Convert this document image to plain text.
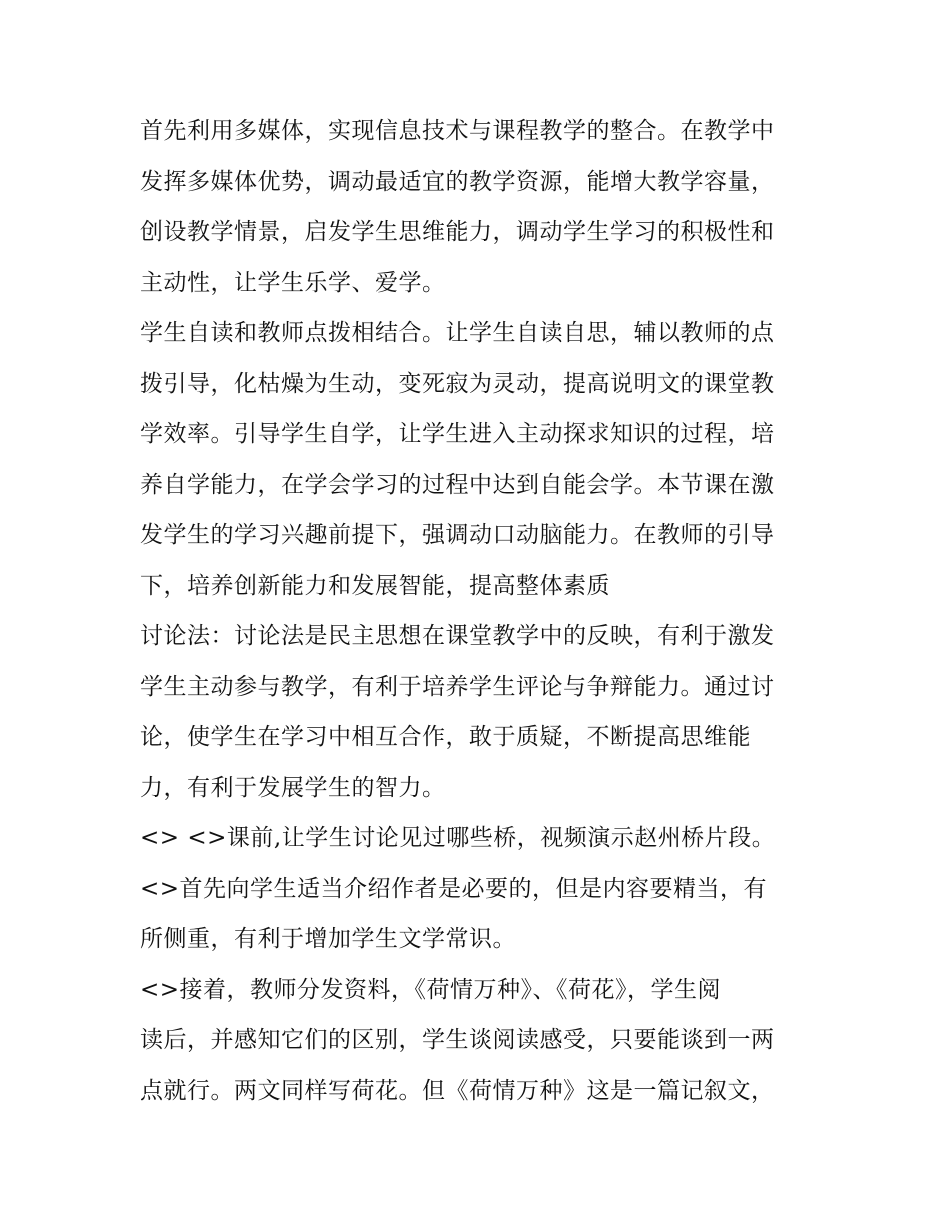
首先利用多媒体，实现信息技术与课程教学的整合。在教学中
发挥多媒体优势，调动最适宜的教学资源，能增大教学容量，
创设教学情景，启发学生思维能力，调动学生学习的积极性和
主动性，让学生乐学、爱学。

学生自读和教师点拨相结合。让学生自读自思，辅以教师的点
拨引导，化枯燥为生动，变死寂为灵动，提高说明文的课堂教
学效率。引导学生自学，让学生进入主动探求知识的过程，培
养自学能力，在学会学习的过程中达到自能会学。本节课在激
发学生的学习兴趣前提下，强调动口动脑能力。在教师的引导
下，培养创新能力和发展智能，提高整体素质

讨论法：讨论法是民主思想在课堂教学中的反映，有利于激发
学生主动参与教学，有利于培养学生评论与争辩能力。通过讨
论，使学生在学习中相互合作，敢于质疑，不断提高思维能
力，有利于发展学生的智力。

<> <>课前,让学生讨论见过哪些桥，视频演示赵州桥片段。

<>首先向学生适当介绍作者是必要的，但是内容要精当，有
所侧重，有利于增加学生文学常识。

<>接着，教师分发资料，《荷情万种》、《荷花》，学生阅
读后，并感知它们的区别，学生谈阅读感受，只要能谈到一两
点就行。两文同样写荷花。但《荷情万种》这是一篇记叙文，
